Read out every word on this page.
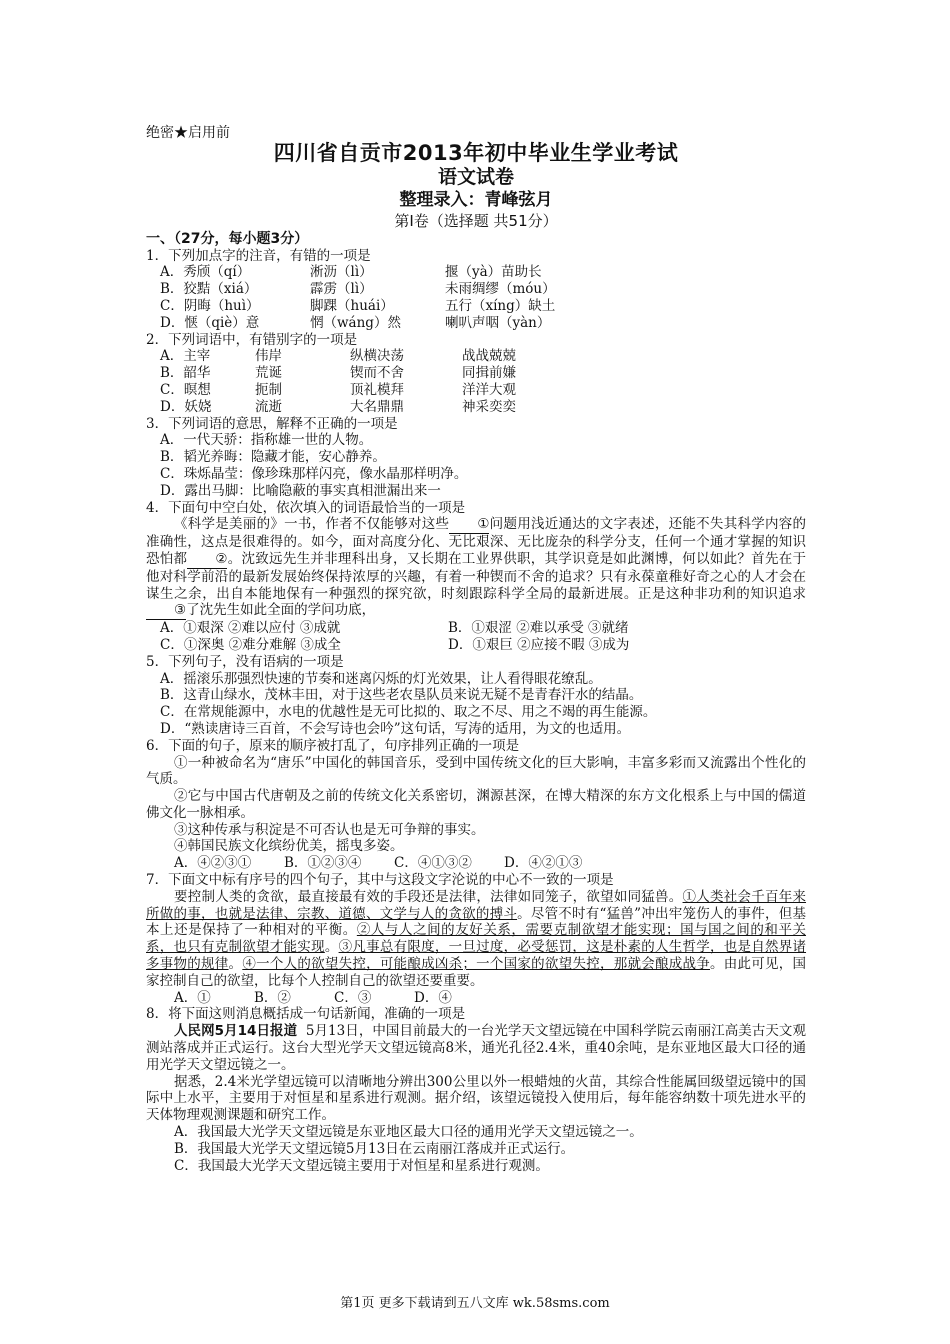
绝密★启用前
四川省自贡市2013年初中毕业生学业考试
语文试卷
整理录入：青峰弦月
第Ⅰ卷（选择题 共51分）
一、（27分，每小题3分）
1．下列加点字的注音，有错的一项是
A．秀颀（qí）	淅沥（lì）	揠（yà）苗助长
B．狡黠（xiá）	霹雳（lì）	未雨绸缪（móu）
C．阴晦（huì）	脚踝（huái）	五行（xíng）缺土
D．惬（qiè）意	惘（wáng）然	喇叭声咽（yàn）
2．下列词语中，有错别字的一项是
A．主宰	伟岸	纵横决荡	战战兢兢
B．韶华	荒诞	锲而不舍	同揖前嫌
C．暝想	扼制	顶礼模拜	洋洋大观
D．妖娆	流逝	大名鼎鼎	神采奕奕
3．下列词语的意思，解释不正确的一项是
A．一代天骄：指称雄一世的人物。
B．韬光养晦：隐藏才能，安心静养。
C．珠烁晶莹：像珍珠那样闪亮，像水晶那样明净。
D．露出马脚：比喻隐蔽的事实真相泄漏出来一
4．下面句中空白处，依次填入的词语最恰当的一项是
《科学是美丽的》一书，作者不仅能够对这些 ①问题用浅近通达的文字表述，还能不失其科学内容的准确性，这点是很难得的。如今，面对高度分化、无比艰深、无比庞杂的科学分支，任何一个通才掌握的知识恐怕都 ②。沈致远先生并非理科出身，又长期在工业界供职，其学识竟是如此渊博，何以如此？首先在于他对科学前沿的最新发展始终保持浓厚的兴趣，有着一种锲而不舍的追求？只有永葆童稚好奇之心的人才会在谋生之余，出自本能地保有一种强烈的探究欲，时刻跟踪科学全局的最新进展。正是这种非功利的知识追求③了沈先生如此全面的学问功底，
A．①艰深 ②难以应付 ③成就	B．①艰涩 ②难以承受 ③就绪
C．①深奥 ②难分难解 ③成全	D．①艰巨 ②应接不暇 ③成为
5．下列句子，没有语病的一项是
A．摇滚乐那强烈快速的节奏和迷离闪烁的灯光效果，让人看得眼花缭乱。
B．这青山绿水，茂林丰田，对于这些老农垦队员来说无疑不是青春汗水的结晶。
C．在常规能源中，水电的优越性是无可比拟的、取之不尽、用之不竭的再生能源。
D．“熟读唐诗三百首，不会写诗也会吟”这句话，写涛的适用，为文的也适用。
6．下面的句子，原来的顺序被打乱了，句序排列正确的一项是
①一种被命名为“唐乐”中国化的韩国音乐，受到中国传统文化的巨大影响，丰富多彩而又流露出个性化的气质。
②它与中国古代唐朝及之前的传统文化关系密切，渊源甚深，在博大精深的东方文化根系上与中国的儒道佛文化一脉相承。
③这种传承与积淀是不可否认也是无可争辩的事实。
④韩国民族文化缤纷优美，摇曳多姿。
A．④②③① B．①②③④ C．④①③② D．④②①③
7．下面文中标有序号的四个句子，其中与这段文字沦说的中心不一致的一项是
要控制人类的贪欲，最直接最有效的手段还是法律，法律如同笼子，欲望如同猛兽。①人类社会千百年来所做的事，也就是法律、宗教、道德、文学与人的贪欲的搏斗。尽管不时有“猛兽”冲出牢笼伤人的事件，但基本上还是保持了一种相对的平衡。②人与人之间的友好关系，需要克制欲望才能实现；国与国之间的和平关系，也只有克制欲望才能实现。③凡事总有限度，一旦过度，必受惩罚，这是朴素的人生哲学，也是自然界诸多事物的规律。④一个人的欲望失控，可能酿成凶杀；一个国家的欲望失控，那就会酿成战争。由此可见，国家控制自己的欲望，比每个人控制自己的欲望还要重要。
A．①	B．②	C．③	D．④
8．将下面这则消息概括成一句话新闻，准确的一项是
人民网5月14日报道 5月13日，中国目前最大的一台光学天文望远镜在中国科学院云南丽江高美古天文观测站落成并正式运行。这台大型光学天文望远镜高8米，通光孔径2.4米，重40余吨，是东亚地区最大口径的通用光学天文望远镜之一。
据悉，2.4米光学望远镜可以清晰地分辨出300公里以外一根蜡烛的火苗，其综合性能属回级望远镜中的国际中上水平，主要用于对恒星和星系进行观测。据介绍，该望远镜投入使用后，每年能容纳数十项先进水平的天体物理观测课题和研究工作。
A．我国最大光学天文望远镜是东亚地区最大口径的通用光学天文望远镜之一。
B．我国最大光学天文望远镜5月13日在云南丽江落成并正式运行。
C．我国最大光学天文望远镜主要用于对恒星和星系进行观测。
第1页 更多下载请到五八文库 wk.58sms.com
